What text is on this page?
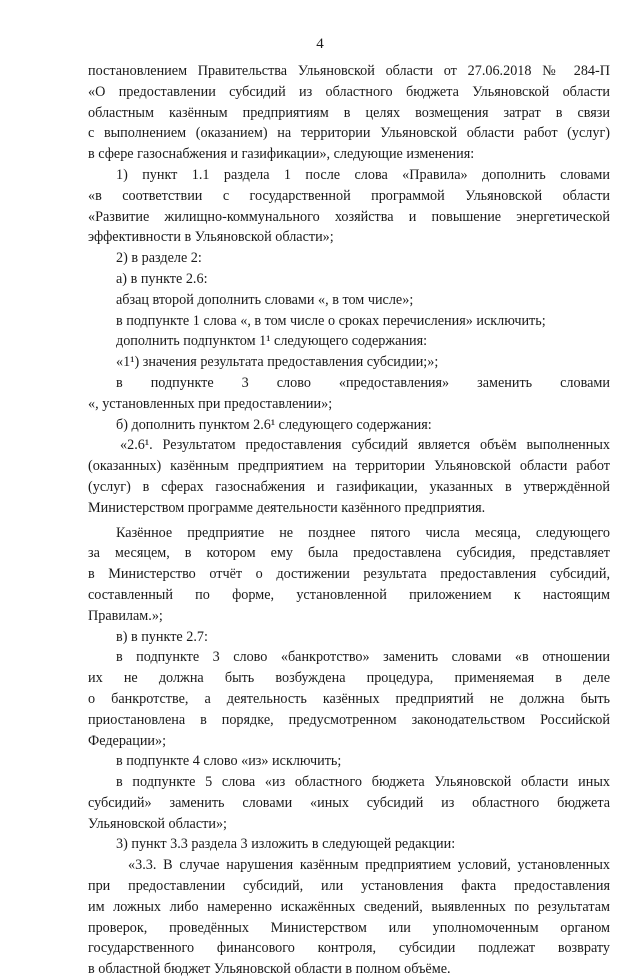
4
постановлением Правительства Ульяновской области от 27.06.2018 № 284-П
«О предоставлении субсидий из областного бюджета Ульяновской области
областным казённым предприятиям в целях возмещения затрат в связи
с выполнением (оказанием) на территории Ульяновской области работ (услуг)
в сфере газоснабжения и газификации», следующие изменения:
1) пункт 1.1 раздела 1 после слова «Правила» дополнить словами
«в соответствии с государственной программой Ульяновской области
«Развитие жилищно-коммунального хозяйства и повышение энергетической
эффективности в Ульяновской области»;
2) в разделе 2:
а) в пункте 2.6:
абзац второй дополнить словами «, в том числе»;
в подпункте 1 слова «, в том числе о сроках перечисления» исключить;
дополнить подпунктом 1¹ следующего содержания:
«1¹) значения результата предоставления субсидии;»;
в подпункте 3 слово «предоставления» заменить словами
«, установленных при предоставлении»;
б) дополнить пунктом 2.6¹ следующего содержания:
«2.6¹. Результатом предоставления субсидий является объём выполненных
(оказанных) казённым предприятием на территории Ульяновской области работ
(услуг) в сферах газоснабжения и газификации, указанных в утверждённой
Министерством программе деятельности казённого предприятия.
Казённое предприятие не позднее пятого числа месяца, следующего
за месяцем, в котором ему была предоставлена субсидия, представляет
в Министерство отчёт о достижении результата предоставления субсидий,
составленный по форме, установленной приложением к настоящим
Правилам.»;
в) в пункте 2.7:
в подпункте 3 слово «банкротство» заменить словами «в отношении
их не должна быть возбуждена процедура, применяемая в деле
о банкротстве, а деятельность казённых предприятий не должна быть
приостановлена в порядке, предусмотренном законодательством Российской
Федерации»;
в подпункте 4 слово «из» исключить;
в подпункте 5 слова «из областного бюджета Ульяновской области иных
субсидий» заменить словами «иных субсидий из областного бюджета
Ульяновской области»;
3) пункт 3.3 раздела 3 изложить в следующей редакции:
«3.3. В случае нарушения казённым предприятием условий, установленных
при предоставлении субсидий, или установления факта предоставления
им ложных либо намеренно искажённых сведений, выявленных по результатам
проверок, проведённых Министерством или уполномоченным органом
государственного финансового контроля, субсидии подлежат возврату
в областной бюджет Ульяновской области в полном объёме.
